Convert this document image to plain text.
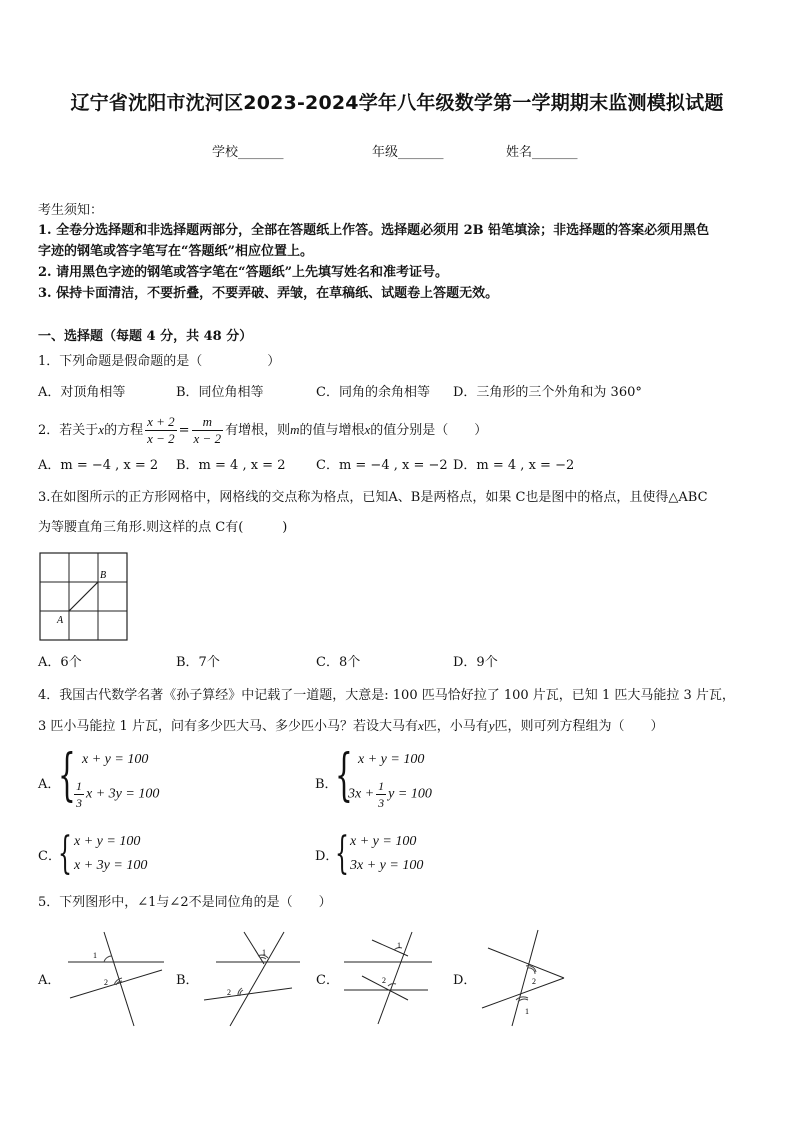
辽宁省沈阳市沈河区2023-2024学年八年级数学第一学期期末监测模拟试题
学校_______	年级_______	姓名_______
考生须知：
1. 全卷分选择题和非选择题两部分，全部在答题纸上作答。选择题必须用 2B 铅笔填涂；非选择题的答案必须用黑色
字迹的钢笔或答字笔写在“答题纸”相应位置上。
2. 请用黑色字迹的钢笔或答字笔在“答题纸”上先填写姓名和准考证号。
3. 保持卡面清洁，不要折叠，不要弄破、弄皱，在草稿纸、试题卷上答题无效。
一、选择题（每题 4 分，共 48 分）
1．下列命题是假命题的是（　　　　　）
A．对顶角相等	B．同位角相等	C．同角的余角相等 D．三角形的三个外角和为 360°
2．若关于x的方程 $\frac{x + 2}{x - 2} = \frac{m}{x - 2}$ 有增根，则m的值与增根x的值分别是（　　）
A．m = −4 , x = 2 B．m = 4 , x = 2 C．m = −4 , x = −2 D．m = 4 , x = −2
3.在如图所示的正方形网格中，网格线的交点称为格点，已知A、B是两格点，如果 C也是图中的格点，且使得△ABC
为等腰直角三角形.则这样的点 C有(　　　)
A
B
A．6个	B．7个	C．8个	D．9个
4．我国古代数学名著《孙子算经》中记载了一道题，大意是: 100 匹马恰好拉了 100 片瓦，已知 1 匹大马能拉 3 片瓦，
3 匹小马能拉 1 片瓦，问有多少匹大马、多少匹小马？若设大马有x匹，小马有y匹，则可列方程组为（　　）
A．
{ x + y = 100
$\frac{1}{3}$ x + 3y = 100
B．
{ x + y = 100
$3x + \frac{1}{3}$ y = 100
C．
{ x + y = 100
x + 3y = 100
D．
{ x + y = 100
3x + y = 100
5．下列图形中，∠1与∠2不是同位角的是（　　）
A．
1
2	B．
1
2
C．
1
2	D．	2
1
